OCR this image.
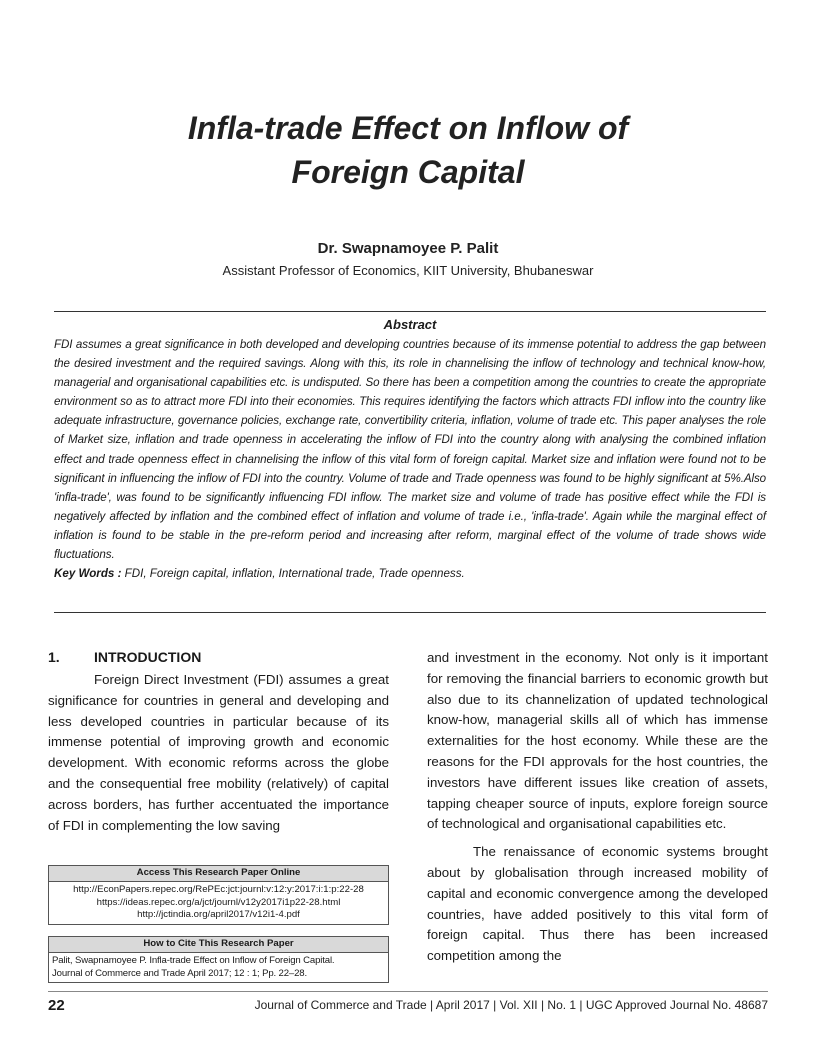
Infla-trade Effect on Inflow of
Foreign Capital
Dr. Swapnamoyee P. Palit
Assistant Professor of Economics, KIIT University, Bhubaneswar
Abstract

FDI assumes a great significance in both developed and developing countries because of its immense potential to address the gap between the desired investment and the required savings. Along with this, its role in channelising the inflow of technology and technical know-how, managerial and organisational capabilities etc. is undisputed. So there has been a competition among the countries to create the appropriate environment so as to attract more FDI into their economies. This requires identifying the factors which attracts FDI inflow into the country like adequate infrastructure, governance policies, exchange rate, convertibility criteria, inflation, volume of trade etc. This paper analyses the role of Market size, inflation and trade openness in accelerating the inflow of FDI into the country along with analysing the combined inflation effect and trade openness effect in channelising the inflow of this vital form of foreign capital. Market size and inflation were found not to be significant in influencing the inflow of FDI into the country. Volume of trade and Trade openness was found to be highly significant at 5%.Also 'infla-trade', was found to be significantly influencing FDI inflow. The market size and volume of trade has positive effect while the FDI is negatively affected by inflation and the combined effect of inflation and volume of trade i.e., 'infla-trade'. Again while the marginal effect of inflation is found to be stable in the pre-reform period and increasing after reform, marginal effect of the volume of trade shows wide fluctuations.

Key Words : FDI, Foreign capital, inflation, International trade, Trade openness.

1.	INTRODUCTION

Foreign Direct Investment (FDI) assumes a great significance for countries in general and developing and less developed countries in particular because of its immense potential of improving growth and economic development. With economic reforms across the globe and the consequential free mobility (relatively) of capital across borders, has further accentuated the importance of FDI in complementing the low saving

Access This Research Paper Online
http://EconPapers.repec.org/RePEc:jct:journl:v:12:y:2017:i:1:p:22-28
https://ideas.repec.org/a/jct/journl/v12y2017i1p22-28.html
http://jctindia.org/april2017/v12i1-4.pdf
How to Cite This Research Paper
Palit, Swapnamoyee P. Infla-trade Effect on Inflow of Foreign Capital.
Journal of Commerce and Trade April 2017; 12 : 1; Pp. 22–28.

and investment in the economy. Not only is it important for removing the financial barriers to economic growth but also due to its channelization of updated technological know-how, managerial skills all of which has immense externalities for the host economy. While these are the reasons for the FDI approvals for the host countries, the investors have different issues like creation of assets, tapping cheaper source of inputs, explore foreign source of technological and organisational capabilities etc.

The renaissance of economic systems brought about by globalisation through increased mobility of capital and economic convergence among the developed countries, have added positively to this vital form of foreign capital. Thus there has been increased competition among the

22	Journal of Commerce and Trade | April 2017 | Vol. XII | No. 1 | UGC Approved Journal No. 48687
